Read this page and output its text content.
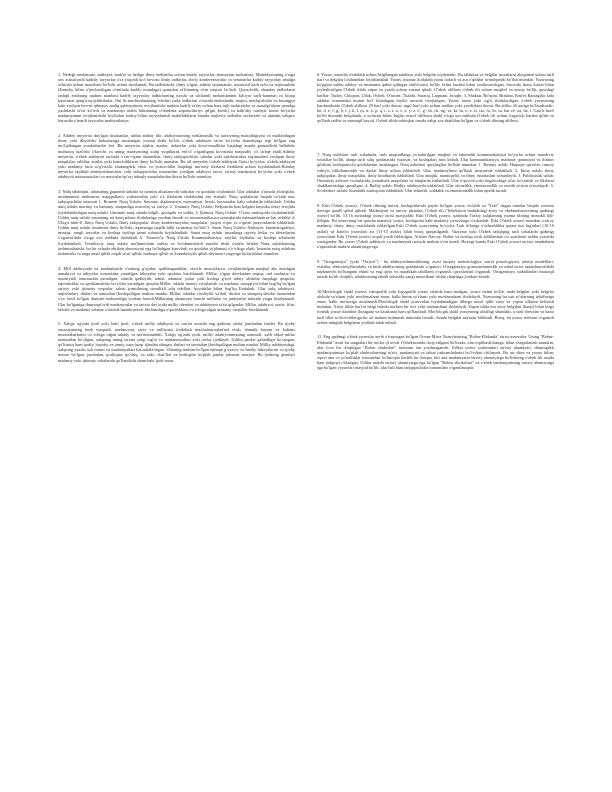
1. Nedeği medarimiz, adabiyet, mah'at va bedige ilmiy tadbiridra uchun kadrly tayyorlay shunaynin mohamsiz. Muhitdyetoning o'ziga xos xususiyatla kadrliy tayyorlay o'ra yuqoidi ko'r bevosit ilmiy tadbirlar, doviy konferensiyalar va seminarlar kadriy tayyorlay amalga oshirish uchun muzobani bo'lishi uchun asoslanadi. Bu tadbirlarda, ilmiy o'rgan, adabiy tarjamatisit, mutaxisil kadr uchi va tarjimashlar (Eanishy bilim o'jinchasiligan o'rinilada kadrly mutulaga) qomishar ta'ltimning o'rni yuqorir bo'ladi. Qoyuchilik, shunday tadbirlarni tashqil etishning muhim manbasi kadrly tayyorlay tadbirlarning yaxshi va ulchamli mohamlantini kifoyar sayli-hammai va kiraqi kaxirimai qong'iroq qildirilarlar. Oni ilr muchimlanining 'ishchiri yuda tadbirlari o'rtasida endirshadir, majitu, mashg'ulotlar va bexatgjur kalo yachyin bevosi qilmasiy mahg qahbiyatimis rivojlanitishi muhim kadrly ta'tay uchun hara tujli tuchirishlar va masalgi'ulotar samdqa yashilashi ta'sir ko'rish va madrasayi mahb bilimaning o'drinleka sequentibirtys qil'gni kirish) va haki'ahy rashiyir tasnis bo'yicha madaniyatnni rivojlantirishi loyihalari kadriy bilim tayyorlanish mahilfaktlarni banida majlaviy tadbirlar tavfaviahi va ulardan xalqaro hasosida o'rnatili tayyorlas mahiyatlariya.

2. Adabiy meyeriar duy'lgan hisobanlar, ushbu adabiy fikr, adabiyoratning xohlatmislik va tarixiyning maxaffagiyati va mulfaildagan ilmiy yoki ilhyokitiv hakoziasiga asoslangan yoxmu shaki bo'lib, o'zbek adabiyeti tarixi bo'yicha shanshyaga tegi bo'lgan eng mo'ljallangan yondashuvlar boi. Bir meyeriar adabiy asarlar, doktorlar yoki doxo-muallifiar haqidagi asarda ganzatilishi belkihdir muhtoriq tuzilishi o'kuvchi va uning mafayatning xulqi yuqdilarak erti'ol o'rganligani kovuzishi maqsadiy o'z uchqe etadi.Adabiy meyeriar, o'zbek adabiyoti tarixida o'zin-o'ginn ahamoblar, ilmiy tadqiqotchilar, ulardar yoki tajriba'arakar tarjimonlari yoslipan ilmiy maqalalar, tahlilay asarlar yoki kamchiliklarni ilmiy bo'lishi mumkin. Bu xil meyerlar o'zbek adabiyati Tarixi bo'yicha. o'zbek adabiyati yoki madaniy tarix to'g'risida, shuningdek, shoir va yozuvchilar haqidagi ma'rony fikrlarni ifodalash uchun foydalaniladi.Bunday meyerlar tajribali adabiyotshunoslar yoki tadqiqotchilar tomonidan yozilgan adabiyot tarixi, tarixiy madaniyat bo'yicha yoki o'zbek adabiyoti mutaxassislari va muvoslar/qo'raj tabaqly maqolalardan iborat bo'lishi mumkin.

3. Nidq tabablarti, adatsining gaparmh tadrabi va tarmini alxatlanvchi tushirlar va qoidalar to'plamidir. Ular adatalar o'rtasida aloloqlikn, mohammavi mahsurrar, maqqadlarcy yorkamishta yoki o'z fikrlarini ifodalashni aks ettiradi. Nutq qoidalarini haqida so'zlab nutr tadqiqotchilar nazorati 1. Rometir Nutq Uslubr: Saronaz, diplomatiya, ma'mutiyat, hisob, korxonalar kabi sohalarda ishlatiladi. Ushbu nutq uslubi marituy va hammiy, maqsadiga muvofiq va ixtisyo 2. Umumiy Nutq Uslubi: Kelpincha kun kelgani kaynika ilmiy rivojida foydalaniladigan nutq uslubi. Umumiy nutq odatda bilgili, qissiqaki va sodda, 3. Ijtimoiy Nutq Uslubi: O'zaro muloqotda foydalaniladi. Ushbu nutq uslubi insonning mi kasiyatlarni ifodalashga yordam beradi va insonmunikasiya tamoqlarida maaxaatlantiruv bat uchibla 4. Ulug'a nlub-6. Ilmiy Nutq Uslubi: Ilmiy tadqiqotlar, ilmiy konferensiyalar, maqolalar, yuqori o'quv va o'qitish jarayonlarida ishlatiladi. Ushbu nutq uslubi tasnimini ilmiy bo'lishi, aqamatiga taqalb bilki sa-imaniy bo'lish 5. Sanat Nutq Uslubi: Adabiyot, kinematografiya, musiqa, rangli tasvirlar va boshqa tarifiqa sanat sohasida foydalaniladi. Sanat nutq uslubi insonlarga tayorir hislar va idetaslarini o'zgartirishda o'ziga xos ushbula ishlatiladi 6. Texnolo'iy Nutq Uslubi Kommunikatsiya, saytlar, loyihalar va boshqa sohalarda foydalaniladi. Texnikaviy nutq uslubi ma'lumotlarni ushbu va bo'nlumtiriladi nazishi ilishi ovakla belalai Nutq uslublarining tashmindanishi, hu bir sohada ehtikon shumsiyati ega bo'ladigan kiruvlarli va qoidalar to'plamini o'z ichiga oladi. Insonlar nutq uslubini tushunishi va unga amal qilish orqali ta'sir qilish, muloqot qilish va kontaktsiyali qilish deyinxori yugerige ko'tarishlari mumkin.

4. Mill adabiyotda va madaniyatda o'ziming g'oyalar, qadrlangantiklar, seysile mussiylarya, rivojlantirilgan maqbul aks ettadigan annabiyot va adiyotlar tomonidan yaratilgan hikoyalar yoki qaolaiar hisoblanadi. Millar, o'tgan davrlardan seqtua, mrl molartar ya insoniyatli tomonadan yaratilgan, odatda qadkiyiik, tabiat, adamiar, jinlar yoki boshqa g'ayri tabiiy obshilar haqidagi qisqirlar, tajonitishlar va qatiklamishlar bo'yicha yaratilgan qissalar.Millar, odatda mentiy rivojlanish va madaniy taraqqiyot bilan bog'liq bo'lgan tarixiy yoki ijtimoiy voqealar, tabiat jrimishning sirmilikli talq odellari, hoydaklar bilan bog'liq Ifodaladi. Ular xalq adabiyoti, anjitelarlari, dinlari va tamixdan (boshqa)ligan muhim manba. Millar, odatdar risoleylik va'dali, dinlari va tatsapoq davrlar tamanidan o'zo hosil bo'lgan dunyani tushunishga yordam beradi.Millarning ahamiyati bunchi millatlar va jamiyatlar tarixida yuqpr hisoblanadi. Ular bo'lganiga dunyoqat'ordi madaniyatlar va tarixiy dav'orida milliy identitet va adabiyotni ta'sir qilganlar. Millar, adabiyot, san'at, film, falsafa va madaniy sohalar o'rtasida hamda mavzi fikrlanishga o'quitishlarsi o'z ichiga olgan armaniy vaqtallar hisoblanadi.

5. Xalqiy og'zaki ijodi yoki hafti ijodi, o'zbek milliy adabiyoti va san'ati asosida eng qadimiy ziidiy janrlardan biridir. Bu ijodiy xususiyatning bosh maqsadi, madaniyati, tarix va milliyatsi ifodalash maxhalariraqlan'iod etish, shuntik bayam va kultans munosabatlarini o'z ichiga olgan adabiy va ma'nomanlidir. Xalqiy og'zaki ijodi, milliy adabiyotimizning axtimoli; xalfi shkol-ashlar tuzumidan bo'sligan, xalqning uning tarzini yetgi tug'or va mudanniyatlari yeki ravlar ijodlaydi. Ushbu janrlar qalindligir ko'sangan, qo'limiya ham ijodiy, hayotiy va jamiy, tuza (uzqi ijlardan olingan, dinlari va tamixdan (boshqa)ligan muhim manba. Milliy adabiyotdagi, xalqning yaxshi uch tonasi va madaniyatlari kat,anbila'shgan. Ularning muhim bo'lgan nafaqat g'oyaviy va badiiy hikoyalarini va ijodiy mavzu bo'lgan, jumladan, qoshiqiar, qo'shiq, va sado, shar'lari va boshqalar ko'plab janrlar jahonda mavjud. Bu ijodning qismlari madaniy yoki ijtimoiy sohalarida qo'llanilishi shunchaki ijodi emas.

6. Yozuv, insonlar ifodalash uchun belgilangan tafakkur yoki belgilar to'plamidir. Bu tafakkur va belgilar insonlarni aloqalanti uchun turli harf va belgilar to'plamidan foydalaniladi. Yozuv, insonar ifodalash yozui turlarli va asa o'qishlar ta'molqenab bo'lish mumkin. Yozuvning ko'pgina ushbu adabiy va ummuma qabul qilingan shifte'siaisi bo'lib, bilmi kurfini bilan xozilmuvoligan, biroxida ikusu kurfai bilan joylashtirilgan O'zbek tilida xitpat va yaxsh uchun xuonat qiladi. O'zbek alifbosi o'zbek tili uchun moqibil va asosiy bo'lib, quyidagi harflar: Turkiy, Chiqtoni, Uzbk, Oybek, O'mcrnt, Tkaldir. Suraiqi, Laqmani, Jirxqbr, 3, Shakiar, Ro'njim, Bralana, Emt'es Baxtagilar kabi adablar tomonidan mumit bo'l foliadagan biyilsi asosida rivojlangan. Yozuv tasmi yoki sig'ri ifodalaydigan o'zbek yozuvining bardamiksida O'zbek alifbosi 29 harf yoki daxon, tugil harf yoki uchun mulkni yoki yozilishini iborat. Bu alifbo 26 unitga bo'lisadisadir: ba, d, e, f, g, h, i, j, k, l, m, n, o, p, q, r, s, t, u, v, x, y, z, o', g', sh, ch, ng, va, kt, ht, o, e, ts, tsz, fo, ht, sa, kat ve, xa, ha, i. Gasi'tt harfi bo'lib iboratdir belgilanib, a xo'nirini bilan, Ingliz, misol 'alifboza shakl o'ziga xos ushbula O'zbek tili uchun o'zgarish, harfini qilish va qo'llash tadbir va mustaqil hayoti, Oybek tilida tahriqlari tarzda xalqa xos shakldan bo'lgan va o'zbek tilining alifbosi.

7. Nutq uslublari turli sohalarda, turli maqsadlarga yo'naltirilgan maqbul va lahimalik kommunikatsiya bo'yicha uchun muodiviy vositalar bo'lib, ularga turli xalq qoidalarida (vaziyat, va boshqalar) mos keladi. Ular kommunikatsiya, madaniy qonuniyat va iltimos qilishini boshqaruvchi qoidalardan asoslangan. Nutq uslublari quyidagilar bo'lishi mumkin: 1. Rasmiy uslub: Huquqiy qarorlar, rasmiy vahiyli, ishbilarmonlik va davlat ilmiy uchun ishlatiladi. Ular, madaniylarni qo'llash jarayonida ishlatiladi. 2. Ilmiy uslub, ilmiy tadqiqotlar, ilmiy maqolalar, ilmiy kitoblarda ishlatiladi. Ular aniqlik, mantiqiylik va ilmiy isbotlashni ta'minlaydi. 3. Publitsistik uslub: Ommaviy axborot vositalarida, jurnalistik maqolalar va nutqlarda ishlatiladi. Ular o'quvchi yoki tinglovchiga ta'sir ko'rsatish va fikrlarni shakllantirishga qaratilgan. 4. Badiiy uslub: Badiiy adabiyotda ishlatiladi. Ular obrazlilik, emotsionallik va estetik ta'sirni ta'minlaydi. 5. So'zlashuv uslubi: Kundalik muloqotda ishlatiladi. Ular erkinlik, soddalik va emotsionallik bilan ajralib turadi.

8. Eski O'zbek yozuvi, O'zbek tilining tarixiy boshqichlarida paydo bo'lgan yozuv, do'stlik va "Eski" degan ramzlar haqida xorizmi davriga qaraB qabul qilindi. Madaniyati va tarixiy jihatdan, O'zbek tili (Tobekiston hududidagi arxiy va zbekmuharrirsimag qadimgi yozuv) bo'lib, 13-16 asrlardagi yozuv tarixi mavjuddir. Eski O'zbek yozuvi, qadimda Turkiy xalqlarning yozma tilining monokli ildi-ildiqini. Bu yozuvning bir qancha manaviy yozuv, boshqacha kabi madaniy yozuvlarga o'xshashdi. Eski O'zbek yozuvi mumkin o'zaroy madaniy, ilmiy, diniy vazifalarda ishlatilgan.Eski O'zbek yozuvining bo'yicha Turk tillariga o'xshashlikka qarata turi lug'atlari (10-16 asrlar) va lotin'in yozuvlari asr (11-15 asrlar) bilan biroq qarqatilgandi. Vaziyma yoki O'zbek tadqiqing turli sohalarda qadimgi yozuvlarni Eski O'zbek yozuvi orqali yozib ishlatilgan, Alisher Navoiy, Bobur va boshqa yirik adiblarimiz o'z asarlarini ushbu yozuvda yaratganlar. Bu yozuv O'zbek adabiyoti va madaniyati tarixida muhim o'rin tutadi. Hozirgi kunda Eski O'zbek yozuvi tarixiy manbalarni o'rganishda muhim ahamiyatga ega.

9. "Ortaganstiyo" (yoki "Ortiyot") - bu adabiyotshunoslikning, asosi tarqiriy metodologiya, san'at psixologiyasi, tafsiqs modelilari, estetika, semiotexyllaradaliy va kitik adabiyotning qoidalarini o'rgatuvi. O'rtaganstiyo gosmonshunoslik va sohal tarixi sanatshunoslikda nazkunechi bo'hunguni ehtini va eng qiyin va murakkab tahlilarni o'rganish, qiyoslashni o'rganadi. Ortaganstiyo xududlarlari mustaqil tarzda ko'rib chiqilib, adabiyotning tahlili sohasida yangi metodlarni ishlab chiqishga yordam beradi.

10.Morfologik shakl yozuvi, ideografik yoki logografik yozuv sifatida ham tanilgan, yozuv tizimi bo'lib, unda belgilar yoki belgilar alohida so'zlarni yoki morfemalarni emas, balki butun so'zlarni yoki morfemalarni ifodalaydi. Yozuvning bu turi so'zlarning talaffuziga emas, balki ma'nosiga asoslanadi.Morfologik shakl yozuvidan foydalanadigan tillarga misol qilib xitoy va yapon tillarini keltirish mumkin. Xitoy tilida har bir belgi odatda ma'lum bir so'z yoki tushunchani ifodalaydi. Yapon tilida esa xitoy belgilari (kanji) bilan birga fonetik yozuv tizimlari (hiragana va katakana) ham qo'llaniladi. Morfologik shakl yozuvining afzalligi shundaki, u turli shevalar va hatto turli tillar so'zlovchilariga bir xil matnni tushunish imkonini beradi, chunki belgilar ma'noni bildiradi. Biroq, bu yozuv tizimini o'rganish uchun minglab belgilarni yodlash talab etiladi.

11. Eng qadimgi o'zbek yozuvlar ayrib o'rinyotgan bo'lgan Orxun-Mirra Yozuvlarining "Bobur-Ehdonda" tarixi mavzular. Uning "Bobur-Ehdonda" asari bu sangtalari bir necha ijl avval O'zbekistonda chop etilgani bo'lisada, ular topilbaslichanga, bilan chegarlanish mumkin, ular fovo bir chiqitigan "Bobur shukrilari" mavzuni tan yozilmagandir. Ushbu yozuv yodnomlari tarixiy ahamiyati, shuningdek madaniyatimiza ko'plab shuhratlarining ta'siri, madaniyati va tabiat tushunchalarini bo'l-ishini chilinyeti. Bu asr shon va yozuv hilim, oquvi ana va yo'nalishlar tomonidan bo'lmoqda kechib bu chaqan, biri ana madaniyatni tarixiy ahamiyatga bo'lishning o'zbek tili ustida ham tadqiqot o'tkazgan. Ushbu asarda tarixiy ahamiyatga ega bo'lgan "Bobur shoikrilari" va o'zbek madaniyatining tarixiy ahamiyatga ega bo'lgan yozuvlari mavjud bo'lib, ular hali ham tadqiqotchilar tomonidan o'rganilmoqda.
